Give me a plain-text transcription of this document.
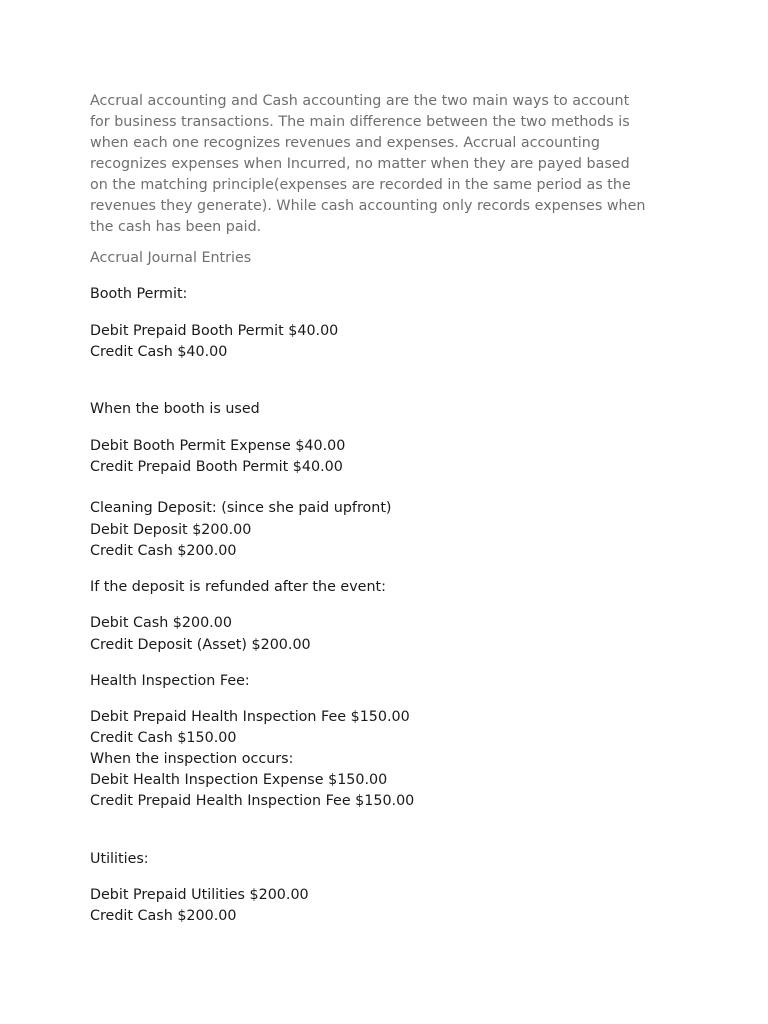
Accrual accounting and Cash accounting are the two main ways to account

for business transactions. The main difference between the two methods is

when each one recognizes revenues and expenses. Accrual accounting

recognizes expenses when Incurred, no matter when they are payed based

on the matching principle(expenses are recorded in the same period as the

revenues they generate). While cash accounting only records expenses when

the cash has been paid.

Accrual Journal Entries

Booth Permit:

Debit Prepaid Booth Permit $40.00

Credit Cash $40.00

When the booth is used

Debit Booth Permit Expense $40.00

Credit Prepaid Booth Permit $40.00

Cleaning Deposit: (since she paid upfront)

Debit Deposit $200.00

Credit Cash $200.00

If the deposit is refunded after the event:

Debit Cash $200.00

Credit Deposit (Asset) $200.00

Health Inspection Fee:

Debit Prepaid Health Inspection Fee $150.00

Credit Cash $150.00

When the inspection occurs:

Debit Health Inspection Expense $150.00

Credit Prepaid Health Inspection Fee $150.00

Utilities:

Debit Prepaid Utilities $200.00

Credit Cash $200.00
